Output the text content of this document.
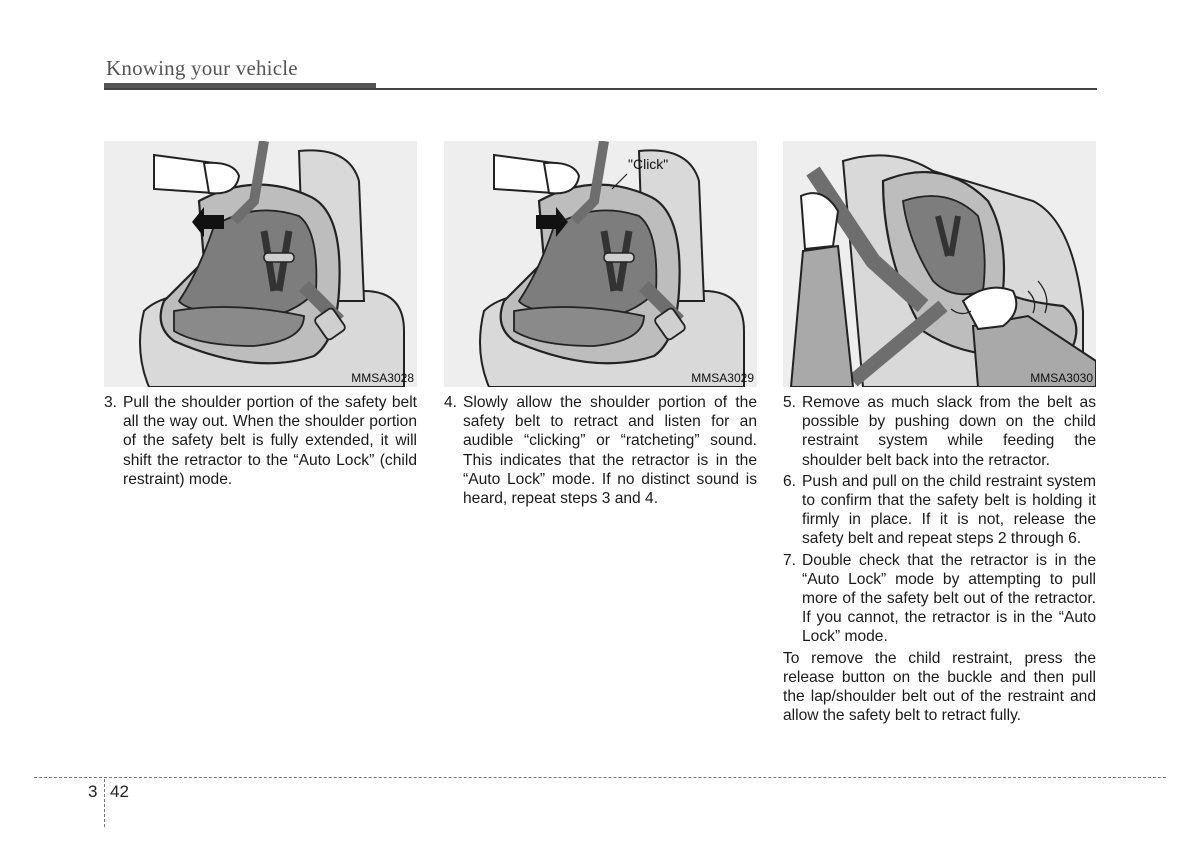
Knowing your vehicle
MMSA3028
"Click"
MMSA3029	MMSA3030

3. Pull the shoulder portion of the safety belt all the way out. When the shoulder portion of the safety belt is fully extended, it will shift the retractor to the “Auto Lock” (child restraint) mode.

4. Slowly allow the shoulder portion of the safety belt to retract and listen for an audible “clicking” or “ratcheting” sound. This indicates that the retractor is in the “Auto Lock” mode. If no distinct sound is heard, repeat steps 3 and 4.

5. Remove as much slack from the belt as possible by pushing down on the child restraint system while feeding the shoulder belt back into the retractor.

6. Push and pull on the child restraint system to confirm that the safety belt is holding it firmly in place. If it is not, release the safety belt and repeat steps 2 through 6.

7. Double check that the retractor is in the “Auto Lock” mode by attempting to pull more of the safety belt out of the retractor. If you cannot, the retractor is in the “Auto Lock” mode.

To remove the child restraint, press the release button on the buckle and then pull the lap/shoulder belt out of the restraint and allow the safety belt to retract fully.

3 42
